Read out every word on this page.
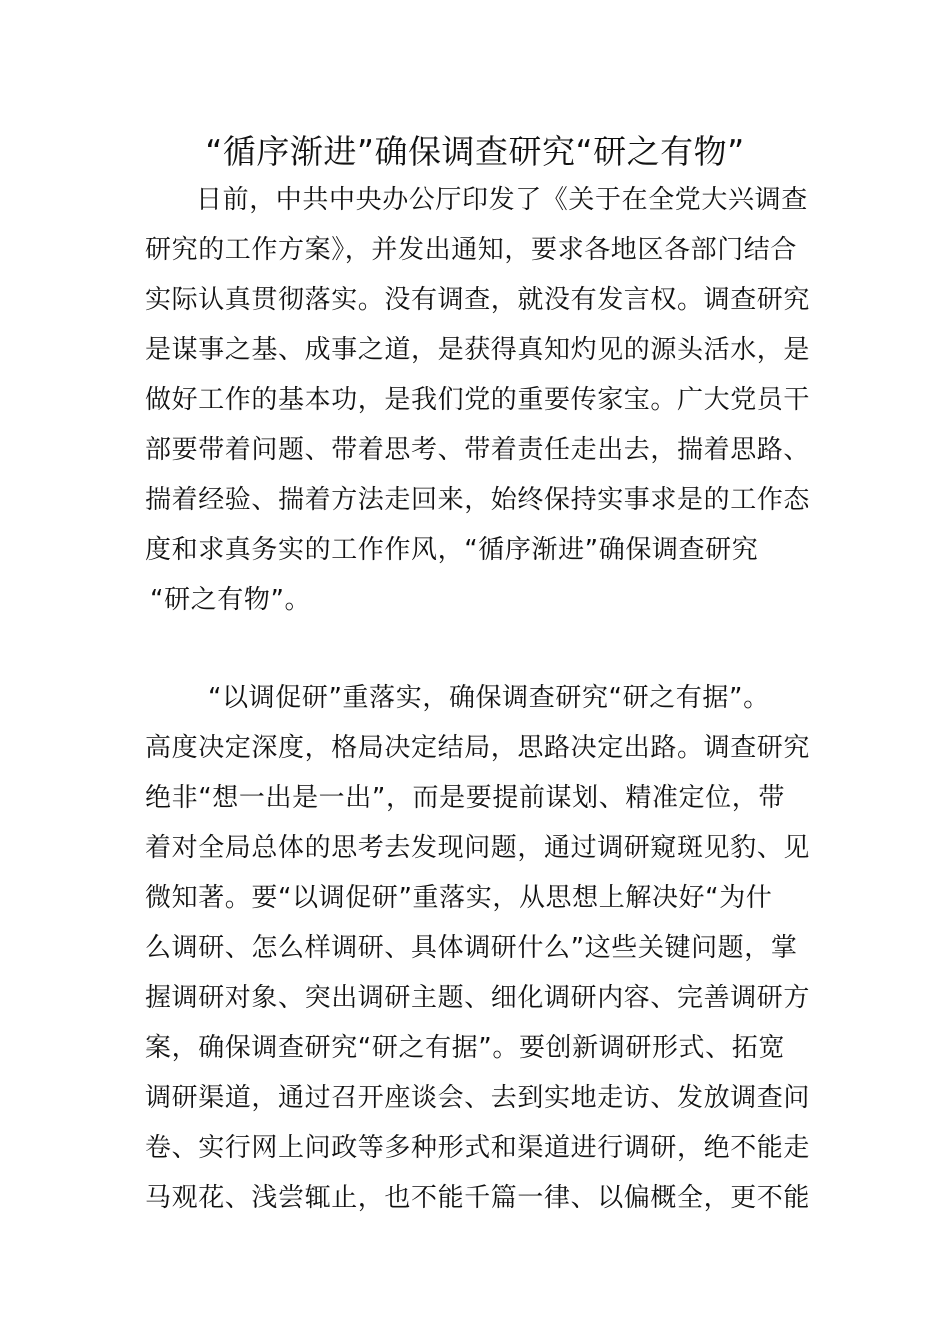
“循序渐进”确保调查研究“研之有物”
日前，中共中央办公厅印发了《关于在全党大兴调查
研究的工作方案》，并发出通知，要求各地区各部门结合
实际认真贯彻落实。没有调查，就没有发言权。调查研究
是谋事之基、成事之道，是获得真知灼见的源头活水，是
做好工作的基本功，是我们党的重要传家宝。广大党员干
部要带着问题、带着思考、带着责任走出去，揣着思路、
揣着经验、揣着方法走回来，始终保持实事求是的工作态
度和求真务实的工作作风，“循序渐进”确保调查研究
“研之有物”。
“以调促研”重落实，确保调查研究“研之有据”。
高度决定深度，格局决定结局，思路决定出路。调查研究
绝非“想一出是一出”，而是要提前谋划、精准定位，带
着对全局总体的思考去发现问题，通过调研窥斑见豹、见
微知著。要“以调促研”重落实，从思想上解决好“为什
么调研、怎么样调研、具体调研什么”这些关键问题，掌
握调研对象、突出调研主题、细化调研内容、完善调研方
案，确保调查研究“研之有据”。要创新调研形式、拓宽
调研渠道，通过召开座谈会、去到实地走访、发放调查问
卷、实行网上问政等多种形式和渠道进行调研，绝不能走
马观花、浅尝辄止，也不能千篇一律、以偏概全，更不能
